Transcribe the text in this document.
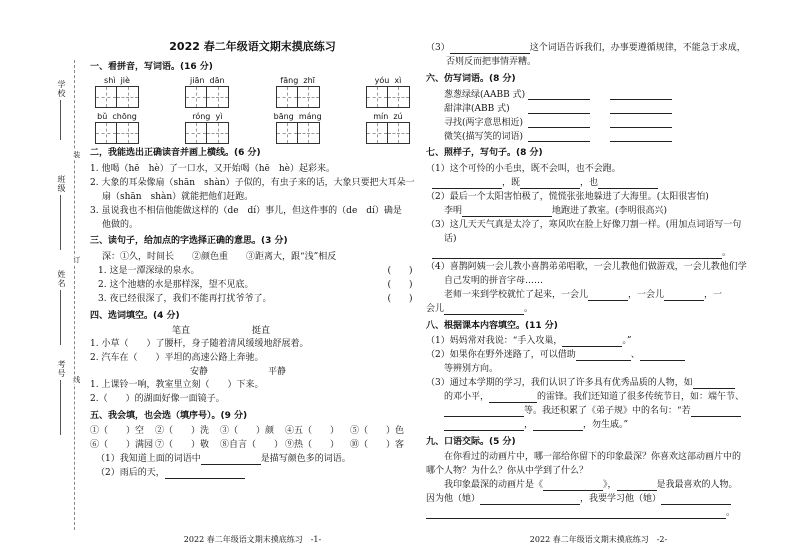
学校
班级
姓名
考号
装
订
线
2022 春二年级语文期末摸底练习
一、看拼音，写词语。(16 分)
shì  jiè	jiān  dān	fāng  zhī	yóu  xì
bǔ  chōng	róng  yì	bāng  máng	mín  zú
二，我能选出正确读音并画上横线。(6 分)
1. 他喝（hē　hè）了一口水，又开始喝（hē　hè）起彩来。
2. 大象的耳朵像扇（shān　shàn）子似的，有虫子来的话，大象只要把大耳朵一
扇（shān　shàn）就能把他们赶跑。
3. 虽说我也不相信他能做这样的（de　dí）事儿，但这件事的（de　dí）确是
他做的。
三、读句子，给加点的字选择正确的意思。(3 分)
深：①久，时间长　　②颜色重　　③距离大，跟“浅”相反
1. 这是一潭深绿的泉水。	(　　)
2. 这个池塘的水是那样深，望不见底。	(　　)
3. 夜已经很深了，我们不能再打扰爷爷了。	(　　)
四、选词填空。(4 分)
笔直	挺直
1. 小草（　　）了腰杆，身子随着清风缓缓地舒展着。
2. 汽车在（　　）平坦的高速公路上奔驰。
安静	平静
1. 上课铃一响，教室里立刻（　　）下来。
2.（　　）的湖面好像一面镜子。
五、我会填，也会选（填序号）。(9 分)
①（　　）空	②（　　）洗	③（　　）颜	④五（　　）	⑤（　　）色
⑥（　　）满园 ⑦（　　）敬	⑧自言（　　） ⑨热（　　）	⑩（　　）客
（1）我知道上面的词语中	是描写颜色多的词语。
（2）雨后的天，
2022 春二年级语文期末摸底练习　-1-
（3）	这个词语告诉我们，办事要遵循规律，不能急于求成，
否则反而把事情弄糟。
六、仿写词语。(8 分)
葱葱绿绿(AABB 式)
甜津津(ABB 式)
寻找(两字意思相近)
微笑(描写笑的词语)
七、照样子，写句子。(8 分)
（1）这个可怜的小毛虫，既不会叫，也不会跑。
，既	，也
（2）最后一个太阳害怕极了，慌慌张张地躲进了大海里。(太阳很害怕)
李明	地跑进了教室。(李明很高兴)
（3）这几天天气真是太冷了，寒风吹在脸上好像刀割一样。(用加点词语写一句
话)
。
（4）喜鹊阿姨一会儿教小喜鹊弟弟唱歌，一会儿教他们做游戏，一会儿教他们学
自己发明的拼音字母……
老师一来到学校就忙了起来，一会儿	，一会儿	，一
会儿	。
八、根据课本内容填空。(11 分)
（1）妈妈常对我说：“手入攻巢，	。”
（2）如果你在野外迷路了，可以借助	、
等辨别方向。
（3）通过本学期的学习，我们认识了许多具有优秀品质的人物，如
的邓小平，	的雷锋。我们还知道了很多传统节日，如：端午节、
等。我还积累了《弟子规》中的名句：“若
，	，勿生戚。”
九、口语交际。(5 分)
在你看过的动画片中，哪一部给你留下的印象最深？你喜欢这部动画片中的
哪个人物？为什么？你从中学到了什么？
我印象最深的动画片是《	》，	是我最喜欢的人物。
因为他（她）	，我要学习他（她）
。
2022 春二年级语文期末摸底练习　-2-
